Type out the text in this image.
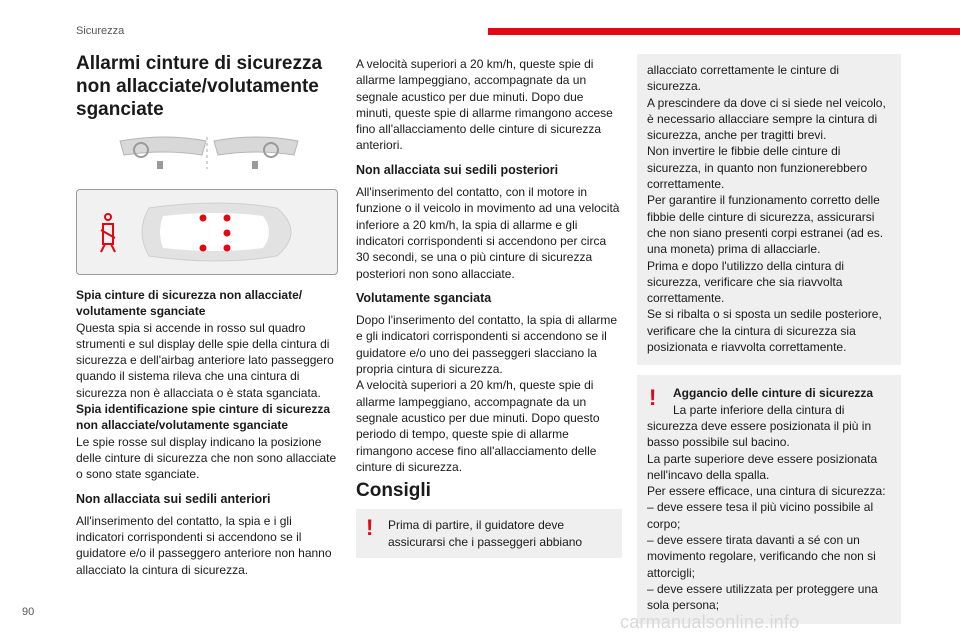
Sicurezza
Allarmi cinture di sicurezza
non allacciate/volutamente
sganciate

Spia cinture di sicurezza non allacciate/ volutamente sganciate

Questa spia si accende in rosso sul quadro strumenti e sul display delle spie della cintura di sicurezza e dell'airbag anteriore lato passeggero quando il sistema rileva che una cintura di sicurezza non è allacciata o è stata sganciata.

Spia identificazione spie cinture di sicurezza non allacciate/volutamente sganciate

Le spie rosse sul display indicano la posizione delle cinture di sicurezza che non sono allacciate o sono state sganciate.

Non allacciata sui sedili anteriori

All'inserimento del contatto, la spia e i gli indicatori corrispondenti si accendono se il guidatore e/o il passeggero anteriore non hanno allacciato la cintura di sicurezza.

A velocità superiori a 20 km/h, queste spie di allarme lampeggiano, accompagnate da un segnale acustico per due minuti. Dopo due minuti, queste spie di allarme rimangono accese fino all'allacciamento delle cinture di sicurezza anteriori.

Non allacciata sui sedili posteriori

All'inserimento del contatto, con il motore in funzione o il veicolo in movimento ad una velocità inferiore a 20 km/h, la spia di allarme e gli indicatori corrispondenti si accendono per circa 30 secondi, se una o più cinture di sicurezza posteriori non sono allacciate.

Volutamente sganciata

Dopo l'inserimento del contatto, la spia di allarme e gli indicatori corrispondenti si accendono se il guidatore e/o uno dei passeggeri slacciano la propria cintura di sicurezza.

A velocità superiori a 20 km/h, queste spie di allarme lampeggiano, accompagnate da un segnale acustico per due minuti. Dopo questo periodo di tempo, queste spie di allarme rimangono accese fino all'allacciamento delle cinture di sicurezza.

Consigli
! Prima di partire, il guidatore deve assicurarsi che i passeggeri abbiano

allacciato correttamente le cinture di sicurezza.

A prescindere da dove ci si siede nel veicolo, è necessario allacciare sempre la cintura di sicurezza, anche per tragitti brevi.

Non invertire le fibbie delle cinture di sicurezza, in quanto non funzionerebbero correttamente.

Per garantire il funzionamento corretto delle fibbie delle cinture di sicurezza, assicurarsi che non siano presenti corpi estranei (ad es. una moneta) prima di allacciarle.

Prima e dopo l'utilizzo della cintura di sicurezza, verificare che sia riavvolta correttamente.

Se si ribalta o si sposta un sedile posteriore, verificare che la cintura di sicurezza sia posizionata e riavvolta correttamente.

!	Aggancio delle cinture di sicurezza

La parte inferiore della cintura di

sicurezza deve essere posizionata il più in basso possibile sul bacino.

La parte superiore deve essere posizionata nell'incavo della spalla.

Per essere efficace, una cintura di sicurezza:

– deve essere tesa il più vicino possibile al corpo;

– deve essere tirata davanti a sé con un movimento regolare, verificando che non si attorcigli;

– deve essere utilizzata per proteggere una sola persona;

90	carmanualsonline.info
